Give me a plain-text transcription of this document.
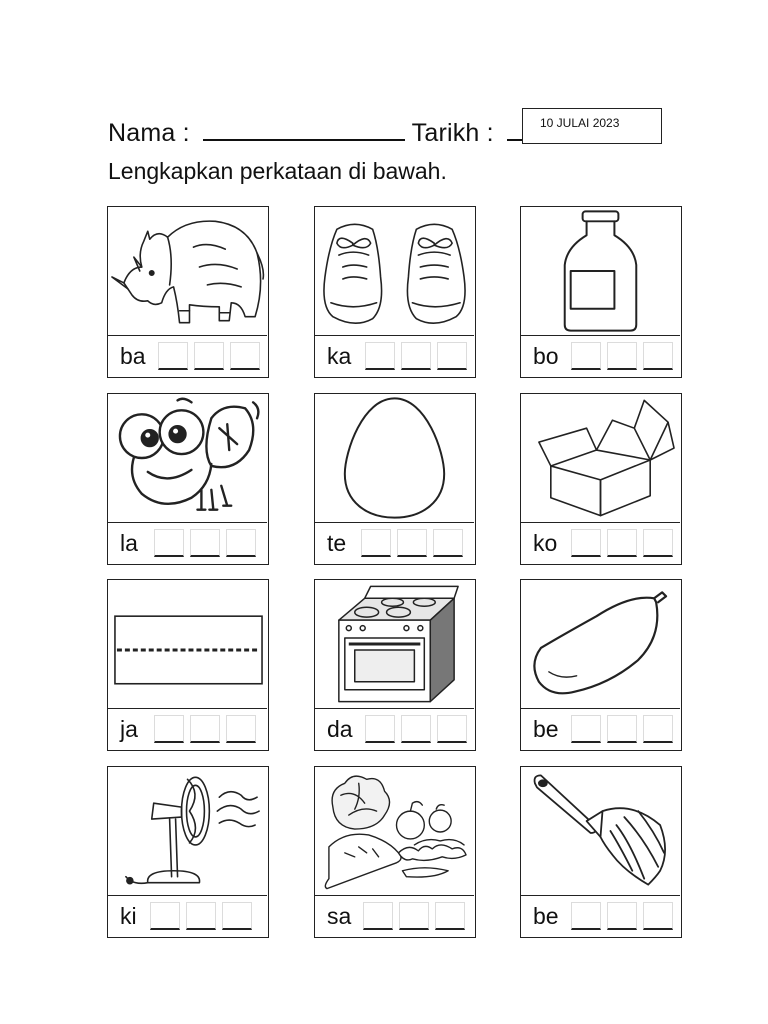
Nama :	Tarikh :	10 JULAI 2023
Lengkapkan perkataan di bawah.
ba	ka	bo
la	te	ko
ja	da	be
ki	sa	be
